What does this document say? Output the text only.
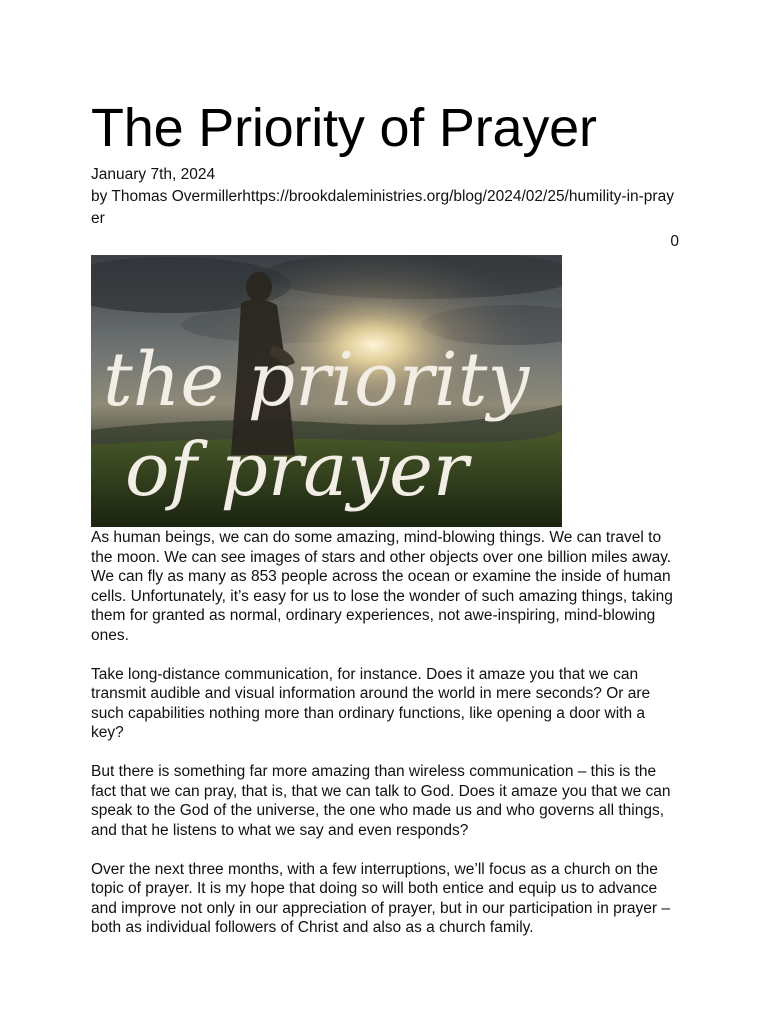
The Priority of Prayer

January 7th, 2024

by Thomas Overmillerhttps://brookdaleministries.org/blog/2024/02/25/humility-in-prayer

0
the priority
of prayer

As human beings, we can do some amazing, mind-blowing things. We can travel to the moon. We can see images of stars and other objects over one billion miles away. We can fly as many as 853 people across the ocean or examine the inside of human cells. Unfortunately, it’s easy for us to lose the wonder of such amazing things, taking them for granted as normal, ordinary experiences, not awe-inspiring, mind-blowing ones.

Take long-distance communication, for instance. Does it amaze you that we can transmit audible and visual information around the world in mere seconds? Or are such capabilities nothing more than ordinary functions, like opening a door with a key?

But there is something far more amazing than wireless communication – this is the fact that we can pray, that is, that we can talk to God. Does it amaze you that we can speak to the God of the universe, the one who made us and who governs all things, and that he listens to what we say and even responds?

Over the next three months, with a few interruptions, we’ll focus as a church on the topic of prayer. It is my hope that doing so will both entice and equip us to advance and improve not only in our appreciation of prayer, but in our participation in prayer – both as individual followers of Christ and also as a church family.
